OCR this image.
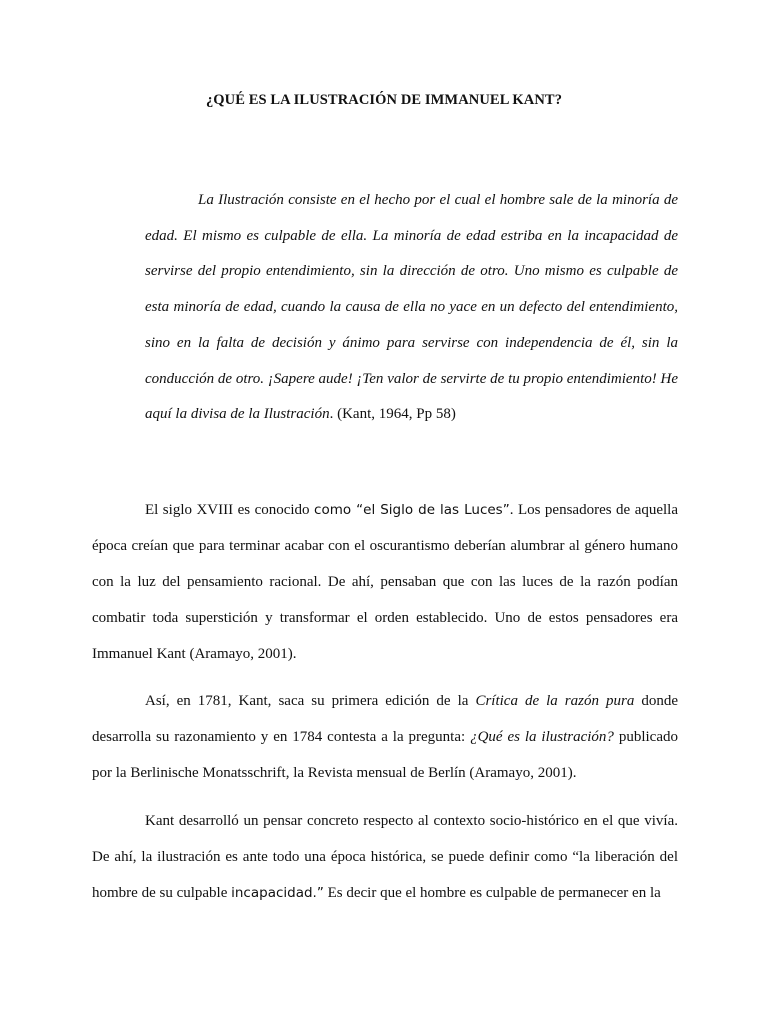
¿QUÉ ES LA ILUSTRACIÓN DE IMMANUEL KANT?

La Ilustración consiste en el hecho por el cual el hombre sale de la minoría de edad. El mismo es culpable de ella. La minoría de edad estriba en la incapacidad de servirse del propio entendimiento, sin la dirección de otro. Uno mismo es culpable de esta minoría de edad, cuando la causa de ella no yace en un defecto del entendimiento, sino en la falta de decisión y ánimo para servirse con independencia de él, sin la conducción de otro. ¡Sapere aude! ¡Ten valor de servirte de tu propio entendimiento! He aquí la divisa de la Ilustración. (Kant, 1964, Pp 58)

El siglo XVIII es conocido como “el Siglo de las Luces”. Los pensadores de aquella época creían que para terminar acabar con el oscurantismo deberían alumbrar al género humano con la luz del pensamiento racional. De ahí, pensaban que con las luces de la razón podían combatir toda superstición y transformar el orden establecido. Uno de estos pensadores era Immanuel Kant (Aramayo, 2001).

Así, en 1781, Kant, saca su primera edición de la Crítica de la razón pura donde desarrolla su razonamiento y en 1784 contesta a la pregunta: ¿Qué es la ilustración? publicado por la Berlinische Monatsschrift, la Revista mensual de Berlín (Aramayo, 2001).

Kant desarrolló un pensar concreto respecto al contexto socio-histórico en el que vivía. De ahí, la ilustración es ante todo una época histórica, se puede definir como “la liberación del hombre de su culpable incapacidad.” Es decir que el hombre es culpable de permanecer en la
